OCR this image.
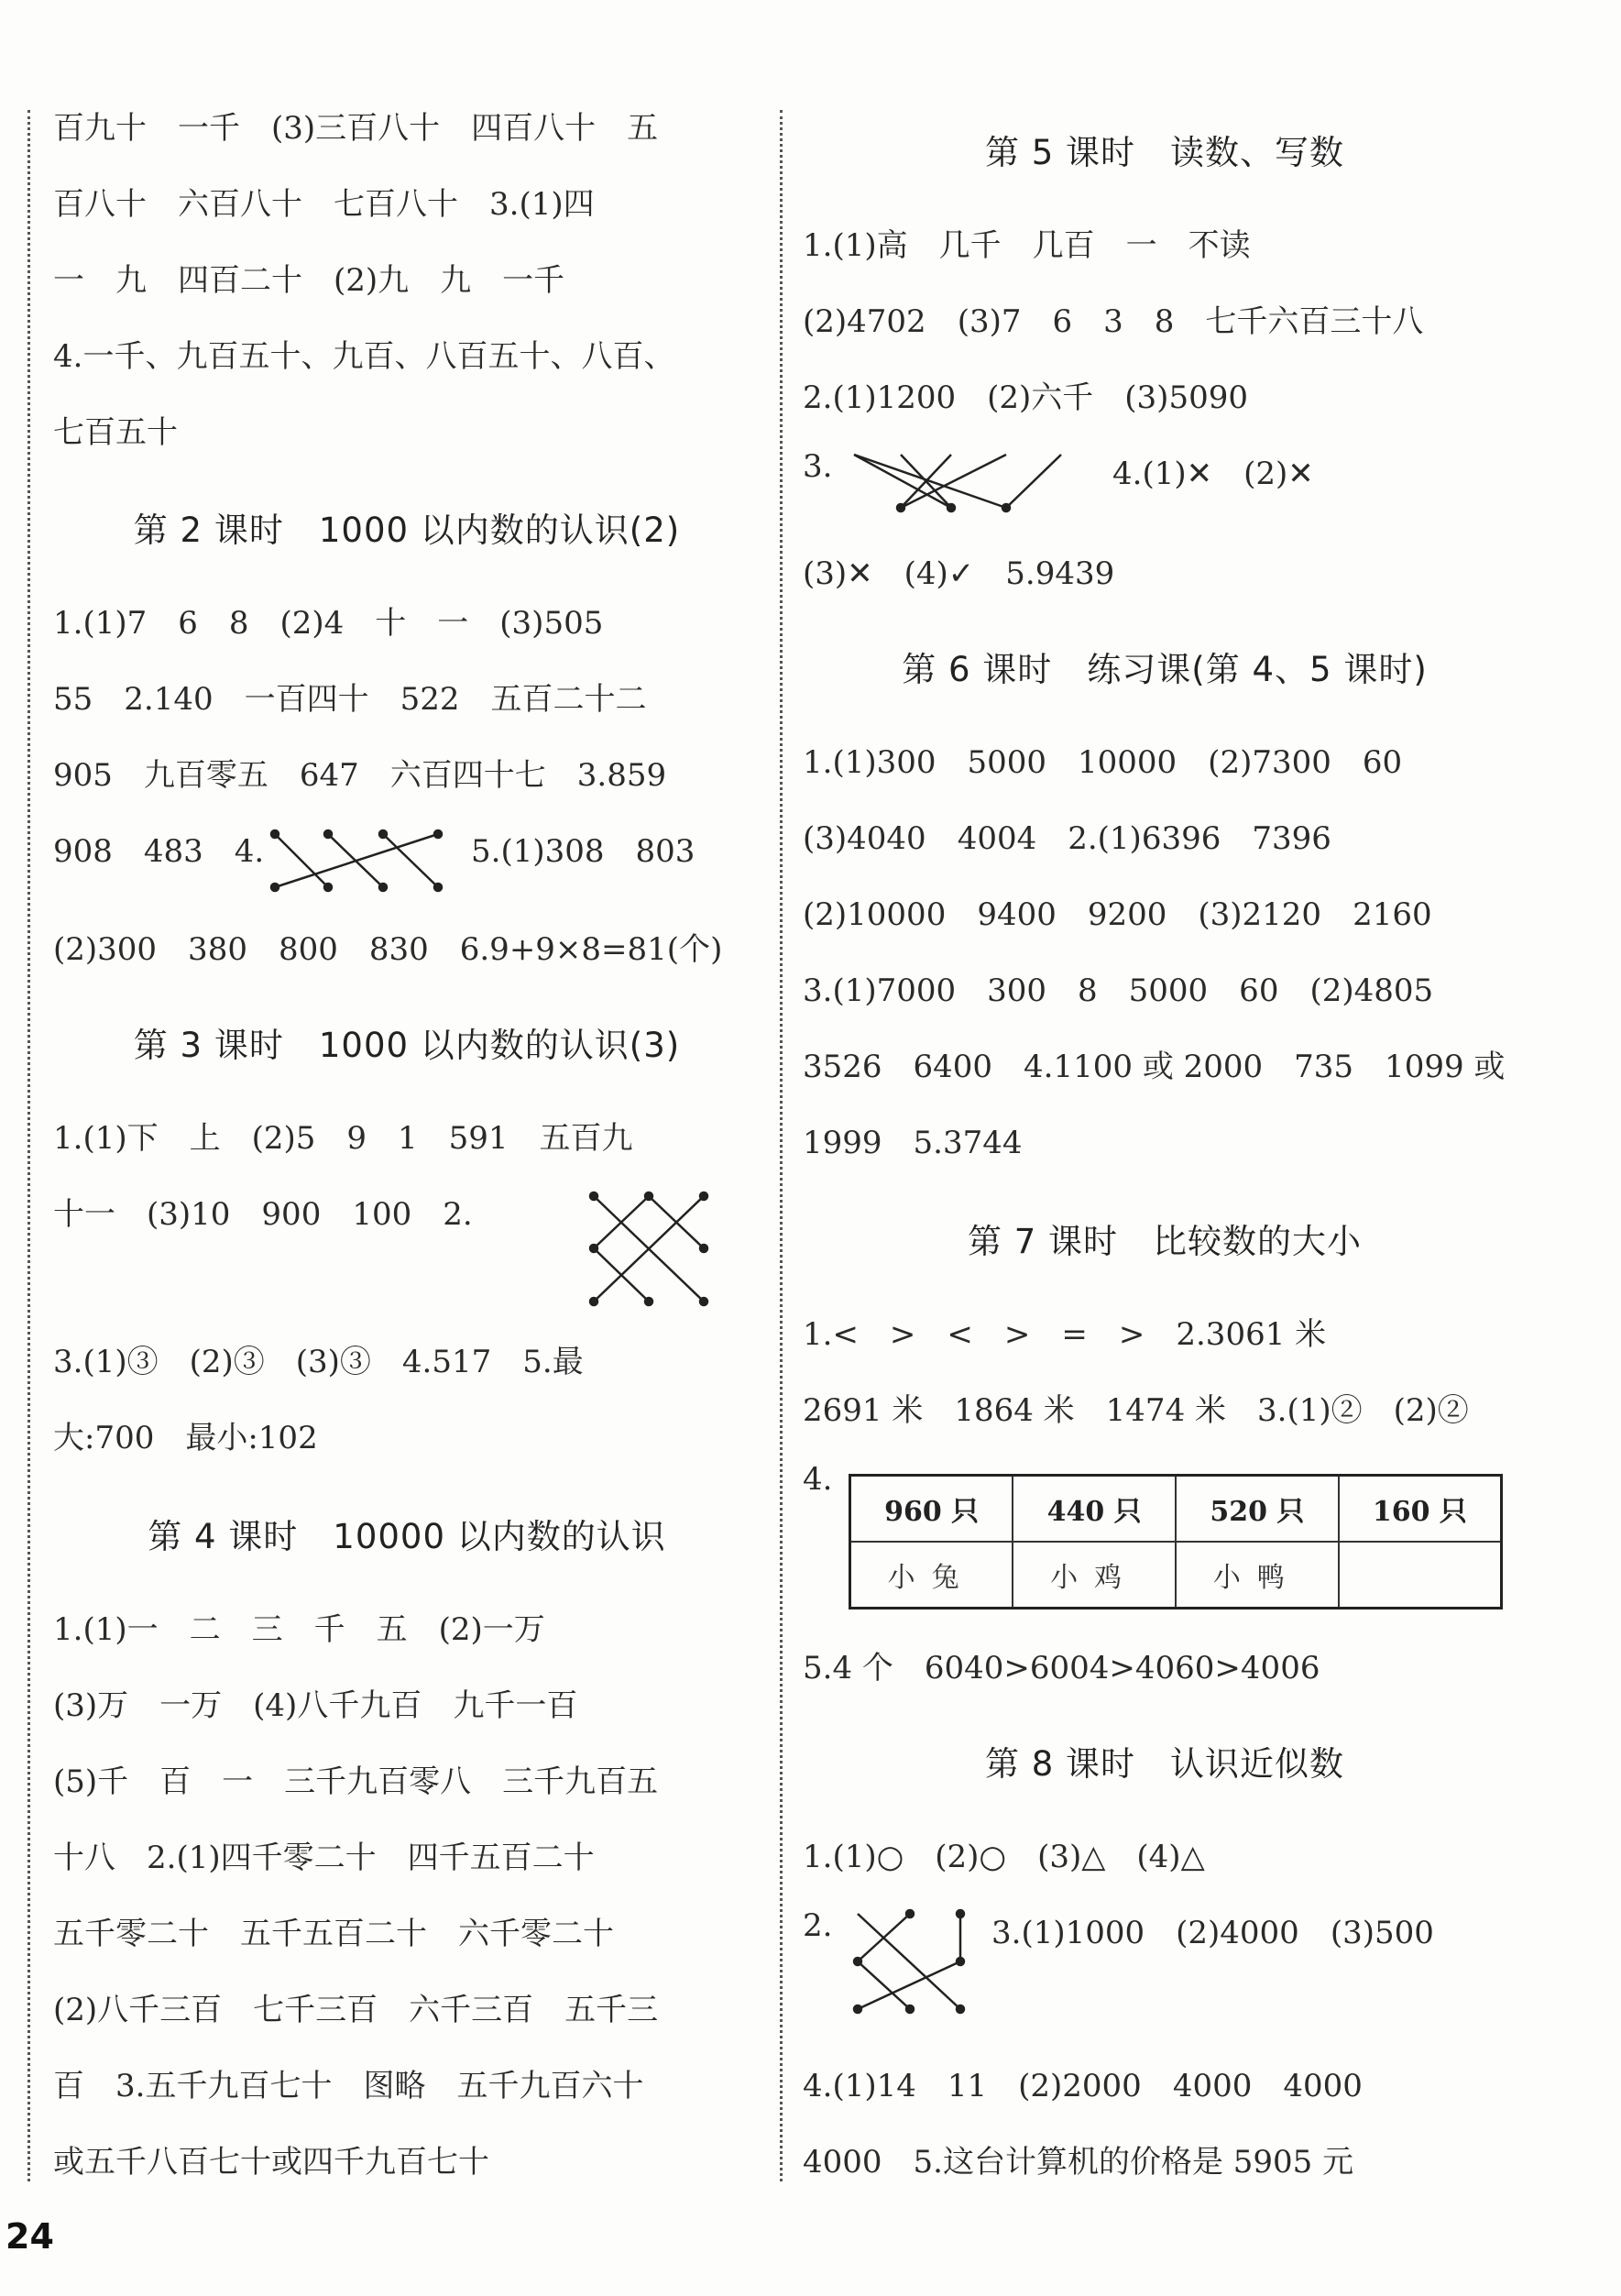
百九十　一千　(3)三百八十　四百八十　五
百八十　六百八十　七百八十　3.(1)四
一　九　四百二十　(2)九　九　一千
4.一千、九百五十、九百、八百五十、八百、
七百五十
第 2 课时　1000 以内数的认识(2)
1.(1)7　6　8　(2)4　十　一　(3)505
55　2.140　一百四十　522　五百二十二
905　九百零五　647　六百四十七　3.859
908　483　4.	5.(1)308　803
(2)300　380　800　830　6.9+9×8=81(个)
第 3 课时　1000 以内数的认识(3)
1.(1)下　上　(2)5　9　1　591　五百九
十一　(3)10　900　100　2.
3.(1)③　(2)③　(3)③　4.517　5.最
大:700　最小:102
第 4 课时　10000 以内数的认识
1.(1)一　二　三　千　五　(2)一万
(3)万　一万　(4)八千九百　九千一百
(5)千　百　一　三千九百零八　三千九百五
十八　2.(1)四千零二十　四千五百二十
五千零二十　五千五百二十　六千零二十
(2)八千三百　七千三百　六千三百　五千三
百　3.五千九百七十　图略　五千九百六十
或五千八百七十或四千九百七十
第 5 课时　读数、写数
1.(1)高　几千　几百　一　不读
(2)4702　(3)7　6　3　8　七千六百三十八
2.(1)1200　(2)六千　(3)5090
3.	4.(1)✕　(2)✕
(3)✕　(4)✓　5.9439
第 6 课时　练习课(第 4、5 课时)
1.(1)300　5000　10000　(2)7300　60
(3)4040　4004　2.(1)6396　7396
(2)10000　9400　9200　(3)2120　2160
3.(1)7000　300　8　5000　60　(2)4805
3526　6400　4.1100 或 2000　735　1099 或
1999　5.3744
第 7 课时　比较数的大小
1.<　>　<　>　=　>　2.3061 米
2691 米　1864 米　1474 米　3.(1)②　(2)②
4.
960 只	440 只	520 只	160 只
小兔	小鸡	小鸭	
5.4 个　6040>6004>4060>4006
第 8 课时　认识近似数
1.(1)○　(2)○　(3)△　(4)△
2.	3.(1)1000　(2)4000　(3)500
4.(1)14　11　(2)2000　4000　4000
4000　5.这台计算机的价格是 5905 元
24
